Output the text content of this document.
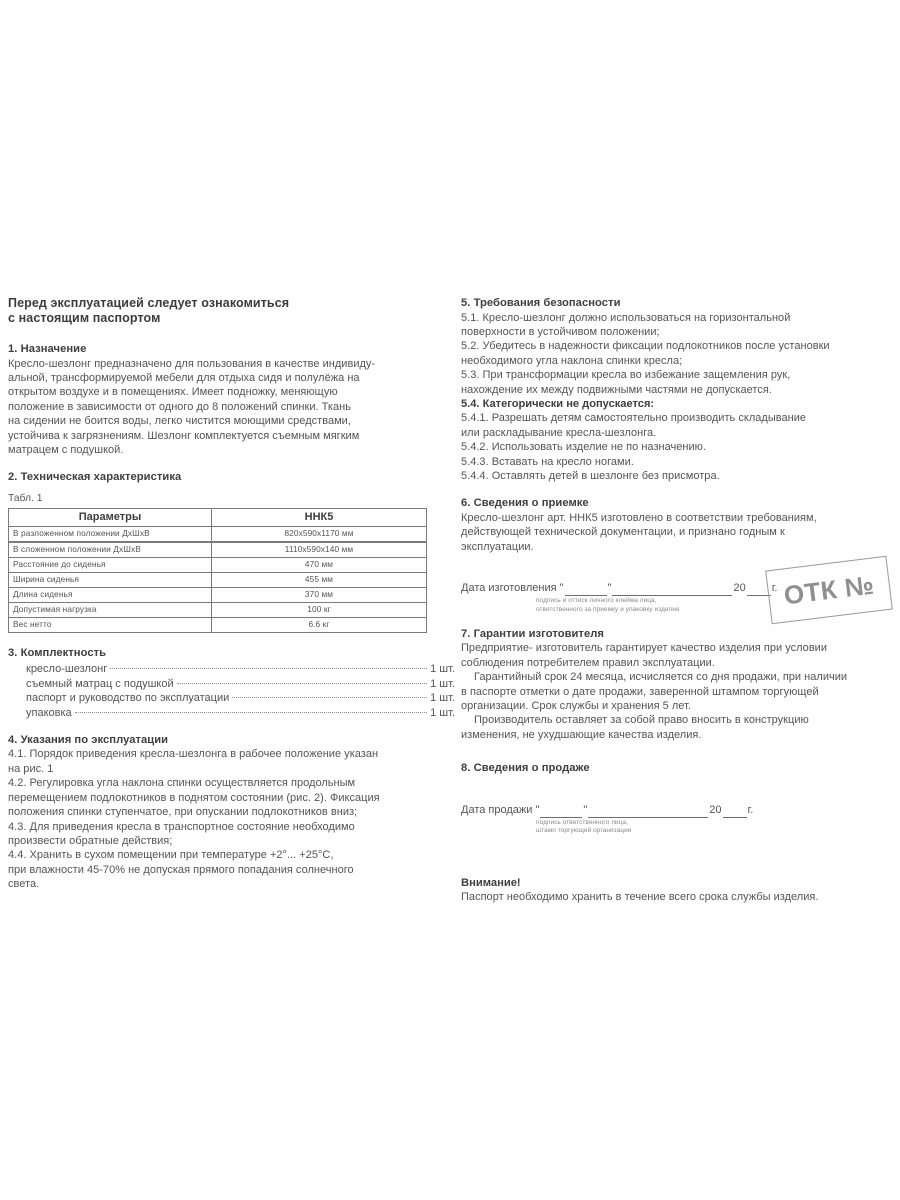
Перед эксплуатацией следует ознакомиться
с настоящим паспортом
1. Назначение

Кресло-шезлонг предназначено для пользования в качестве индивиду-
альной, трансформируемой мебели для отдыха сидя и полулёжа на
открытом воздухе и в помещениях. Имеет подножку, меняющую
положение в зависимости от одного до 8 положений спинки. Ткань
на сидении не боится воды, легко чистится моющими средствами,
устойчива к загрязнениям. Шезлонг комплектуется съемным мягким
матрацем с подушкой.

2. Техническая характеристика

Табл. 1

Параметры	ННК5
В разложенном положении ДхШхВ	820х590х1170 мм
В сложенном положении ДхШхВ	1110х590х140 мм
Расстояние до сиденья	470 мм
Ширина сиденья	455 мм
Длина сиденья	370 мм
Допустимая нагрузка	100 кг
Вес нетто	6.6 кг
3. Комплектность
кресло-шезлонг	1 шт.
съемный матрац с подушкой	1 шт.
паспорт и руководство по эксплуатации	1 шт.
упаковка	1 шт.
4. Указания по эксплуатации

4.1. Порядок приведения кресла-шезлонга в рабочее положение указан
на рис. 1
4.2. Регулировка угла наклона спинки осуществляется продольным
перемещением подлокотников в поднятом состоянии (рис. 2). Фиксация
положения спинки ступенчатое, при опускании подлокотников вниз;
4.3. Для приведения кресла в транспортное состояние необходимо
произвести обратные действия;
4.4. Хранить в сухом помещении при температуре +2°... +25°С,
при влажности 45-70% не допуская прямого попадания солнечного
света.

5. Требования безопасности

5.1. Кресло-шезлонг должно использоваться на горизонтальной
поверхности в устойчивом положении;
5.2. Убедитесь в надежности фиксации подлокотников после установки
необходимого угла наклона спинки кресла;
5.3. При трансформации кресла во избежание защемления рук,
нахождение их между подвижными частями не допускается.

5.4. Категорически не допускается:

5.4.1. Разрешать детям самостоятельно производить складывание
или раскладывание кресла-шезлонга.
5.4.2. Использовать изделие не по назначению.
5.4.3. Вставать на кресло ногами.
5.4.4. Оставлять детей в шезлонге без присмотра.

6. Сведения о приемке

Кресло-шезлонг арт. ННК5 изготовлено в соответствии требованиям,
действующей технической документации, и признано годным к
эксплуатации.

Дата изготовления "	"	20 г.
подпись и оттиск личного клейма лица,
ответственного за приемку и упаковку изделия
7. Гарантии изготовителя

Предприятие- изготовитель гарантирует качество изделия при условии
соблюдения потребителем правил эксплуатации.

Гарантийный срок 24 месяца, исчисляется со дня продажи, при наличии
в паспорте отметки о дате продажи, заверенной штампом торгующей
организации. Срок службы и хранения 5 лет.

Производитель оставляет за собой право вносить в конструкцию
изменения, не ухудшающие качества изделия.

8. Сведения о продаже
Дата продажи "	"	20 г.
подпись ответственного лица,
штамп торгующей организации

Внимание!

Паспорт необходимо хранить в течение всего срока службы изделия.

ОТК №
